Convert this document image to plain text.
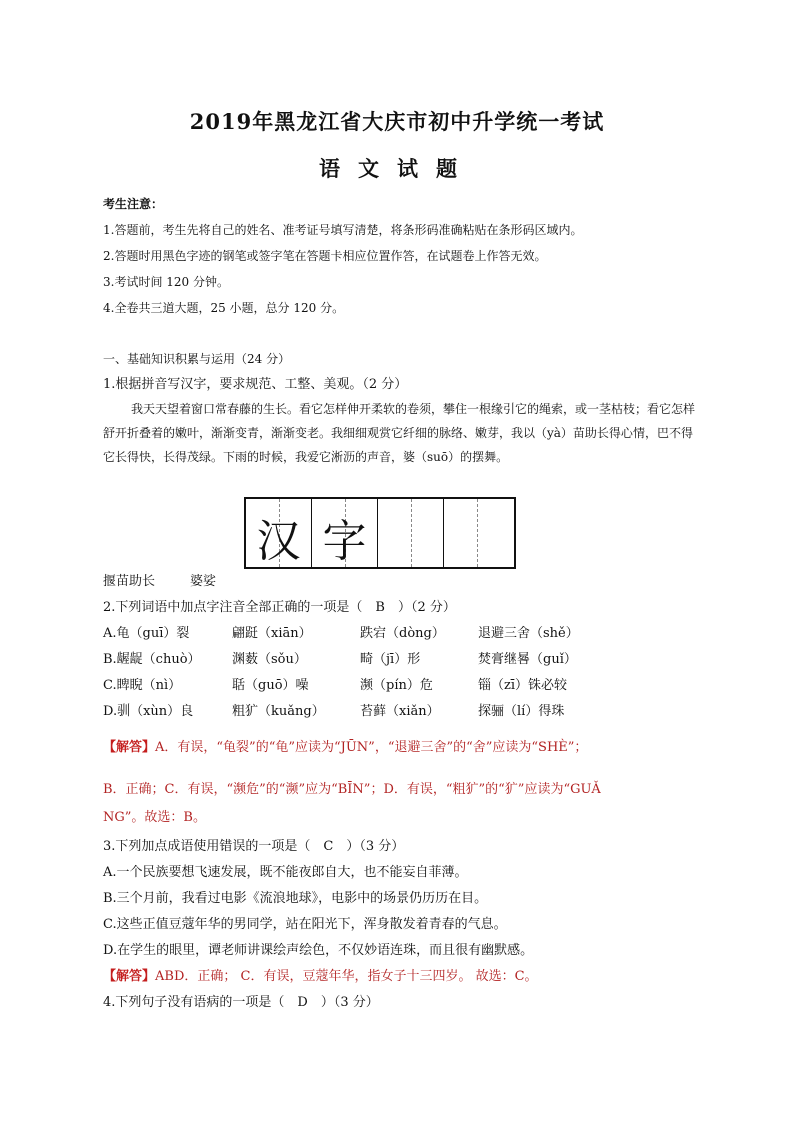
2019年黑龙江省大庆市初中升学统一考试
语文试题
考生注意：
1.答题前，考生先将自己的姓名、准考证号填写清楚，将条形码准确粘贴在条形码区域内。
2.答题时用黑色字迹的钢笔或签字笔在答题卡相应位置作答，在试题卷上作答无效。
3.考试时间 120 分钟。
4.全卷共三道大题，25 小题，总分 120 分。
一、基础知识积累与运用（24 分）
1.根据拼音写汉字，要求规范、工整、美观。（2 分）
我天天望着窗口常春藤的生长。看它怎样伸开柔软的卷须，攀住一根缘引它的绳索，或一茎枯枝；看它怎样舒开折叠着的嫩叶，渐渐变青，渐渐变老。我细细观赏它纤细的脉络、嫩芽，我以（yà）苗助长得心情，巴不得它长得快，长得茂绿。下雨的时候，我爱它淅沥的声音，婆（suō）的摆舞。
汉 字
揠苗助长	婆娑
2.下列词语中加点字注音全部正确的一项是（　B　）（2 分）
A.龟（guī）裂	翩跹（xiān）	跌宕（dòng）	退避三舍（shě）
B.龌龊（chuò） 渊薮（sǒu）	畸（jī）形	焚膏继晷（guǐ）
C.睥睨（nì）	聒（guō）噪	濒（pín）危	锱（zī）铢必较
D.驯（xùn）良	粗犷（kuǎng）	苔藓（xiǎn）	探骊（lí）得珠
【解答】A．有误，“龟裂”的“龟”应读为“JŪN”，“退避三舍”的“舍”应读为“SHÈ”；
B．正确；C．有误，“濒危”的“濒”应为“BĪN”；D．有误，“粗犷”的“犷”应读为“GUǍ
NG”。故选：B。
3.下列加点成语使用错误的一项是（　C　）（3 分）
A.一个民族要想飞速发展，既不能夜郎自大，也不能妄自菲薄。
B.三个月前，我看过电影《流浪地球》，电影中的场景仍历历在目。
C.这些正值豆蔻年华的男同学，站在阳光下，浑身散发着青春的气息。
D.在学生的眼里，谭老师讲课绘声绘色，不仅妙语连珠，而且很有幽默感。
【解答】ABD．正确； C．有误，豆蔻年华，指女子十三四岁。 故选：C。
4.下列句子没有语病的一项是（　D　）（3 分）
